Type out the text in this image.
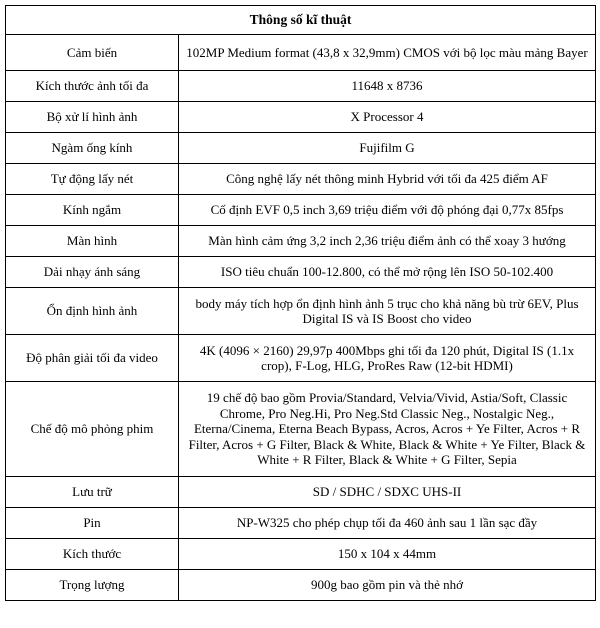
Thông số kĩ thuật	
Cảm biến	102MP Medium format (43,8 x 32,9mm) CMOS với bộ lọc màu mảng Bayer
Kích thước ảnh tối đa	11648 x 8736
Bộ xử lí hình ảnh	X Processor 4
Ngàm ống kính	Fujifilm G
Tự động lấy nét	Công nghệ lấy nét thông minh Hybrid với tối đa 425 điểm AF
Kính ngắm	Cố định EVF 0,5 inch 3,69 triệu điểm với độ phóng đại 0,77x 85fps
Màn hình	Màn hình cảm ứng 3,2 inch 2,36 triệu điểm ảnh có thể xoay 3 hướng
Dải nhạy ánh sáng	ISO tiêu chuẩn 100-12.800, có thể mở rộng lên ISO 50-102.400
Ổn định hình ảnh	body máy tích hợp ổn định hình ảnh 5 trục cho khả năng bù trừ 6EV, Plus Digital IS và IS Boost cho video
Độ phân giải tối đa video	4K (4096 × 2160) 29,97p 400Mbps ghi tối đa 120 phút, Digital IS (1.1x crop), F-Log, HLG, ProRes Raw (12-bit HDMI)
Chế độ mô phỏng phim	19 chế độ bao gồm Provia/Standard, Velvia/Vivid, Astia/Soft, Classic Chrome, Pro Neg.Hi, Pro Neg.Std Classic Neg., Nostalgic Neg., Eterna/Cinema, Eterna Beach Bypass, Acros, Acros + Ye Filter, Acros + R Filter, Acros + G Filter, Black & White, Black & White + Ye Filter, Black & White + R Filter, Black & White + G Filter, Sepia
Lưu trữ	SD / SDHC / SDXC UHS-II
Pin	NP-W325 cho phép chụp tối đa 460 ảnh sau 1 lần sạc đầy
Kích thước	150 x 104 x 44mm
Trọng lượng	900g bao gồm pin và thẻ nhớ
